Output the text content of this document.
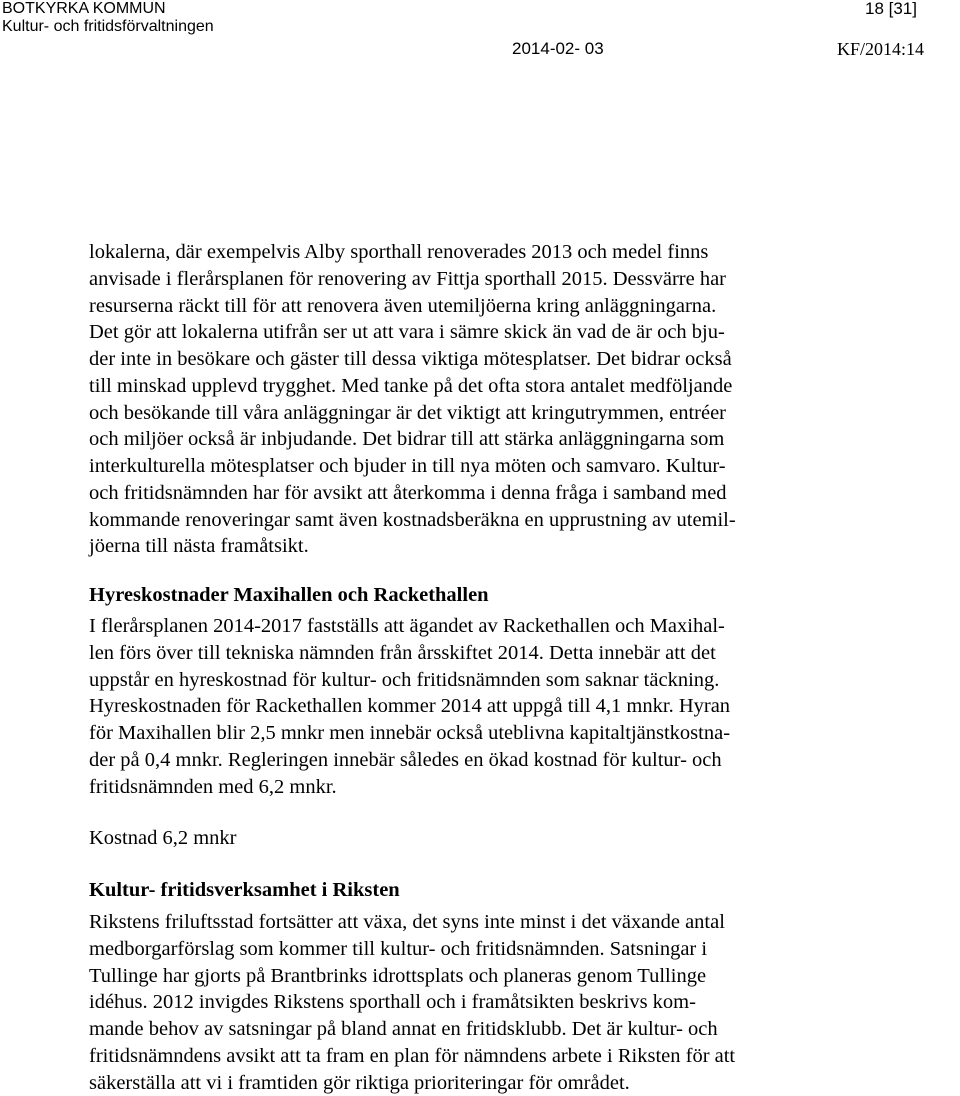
BOTKYRKA KOMMUN
Kultur- och fritidsförvaltningen
18 [31]
2014-02- 03	KF/2014:14
lokalerna, där exempelvis Alby sporthall renoverades 2013 och medel finns
anvisade i flerårsplanen för renovering av Fittja sporthall 2015. Dessvärre har
resurserna räckt till för att renovera även utemiljöerna kring anläggningarna.
Det gör att lokalerna utifrån ser ut att vara i sämre skick än vad de är och bju-
der inte in besökare och gäster till dessa viktiga mötesplatser. Det bidrar också
till minskad upplevd trygghet. Med tanke på det ofta stora antalet medföljande
och besökande till våra anläggningar är det viktigt att kringutrymmen, entréer
och miljöer också är inbjudande. Det bidrar till att stärka anläggningarna som
interkulturella mötesplatser och bjuder in till nya möten och samvaro. Kultur-
och fritidsnämnden har för avsikt att återkomma i denna fråga i samband med
kommande renoveringar samt även kostnadsberäkna en upprustning av utemil-
jöerna till nästa framåtsikt.
Hyreskostnader Maxihallen och Rackethallen
I flerårsplanen 2014-2017 fastställs att ägandet av Rackethallen och Maxihal-
len förs över till tekniska nämnden från årsskiftet 2014. Detta innebär att det
uppstår en hyreskostnad för kultur- och fritidsnämnden som saknar täckning.
Hyreskostnaden för Rackethallen kommer 2014 att uppgå till 4,1 mnkr. Hyran
för Maxihallen blir 2,5 mnkr men innebär också uteblivna kapitaltjänstkostna-
der på 0,4 mnkr. Regleringen innebär således en ökad kostnad för kultur- och
fritidsnämnden med 6,2 mnkr.
Kostnad 6,2 mnkr
Kultur- fritidsverksamhet i Riksten
Rikstens friluftsstad fortsätter att växa, det syns inte minst i det växande antal
medborgarförslag som kommer till kultur- och fritidsnämnden. Satsningar i
Tullinge har gjorts på Brantbrinks idrottsplats och planeras genom Tullinge
idéhus. 2012 invigdes Rikstens sporthall och i framåtsikten beskrivs kom-
mande behov av satsningar på bland annat en fritidsklubb. Det är kultur- och
fritidsnämndens avsikt att ta fram en plan för nämndens arbete i Riksten för att
säkerställa att vi i framtiden gör riktiga prioriteringar för området.
